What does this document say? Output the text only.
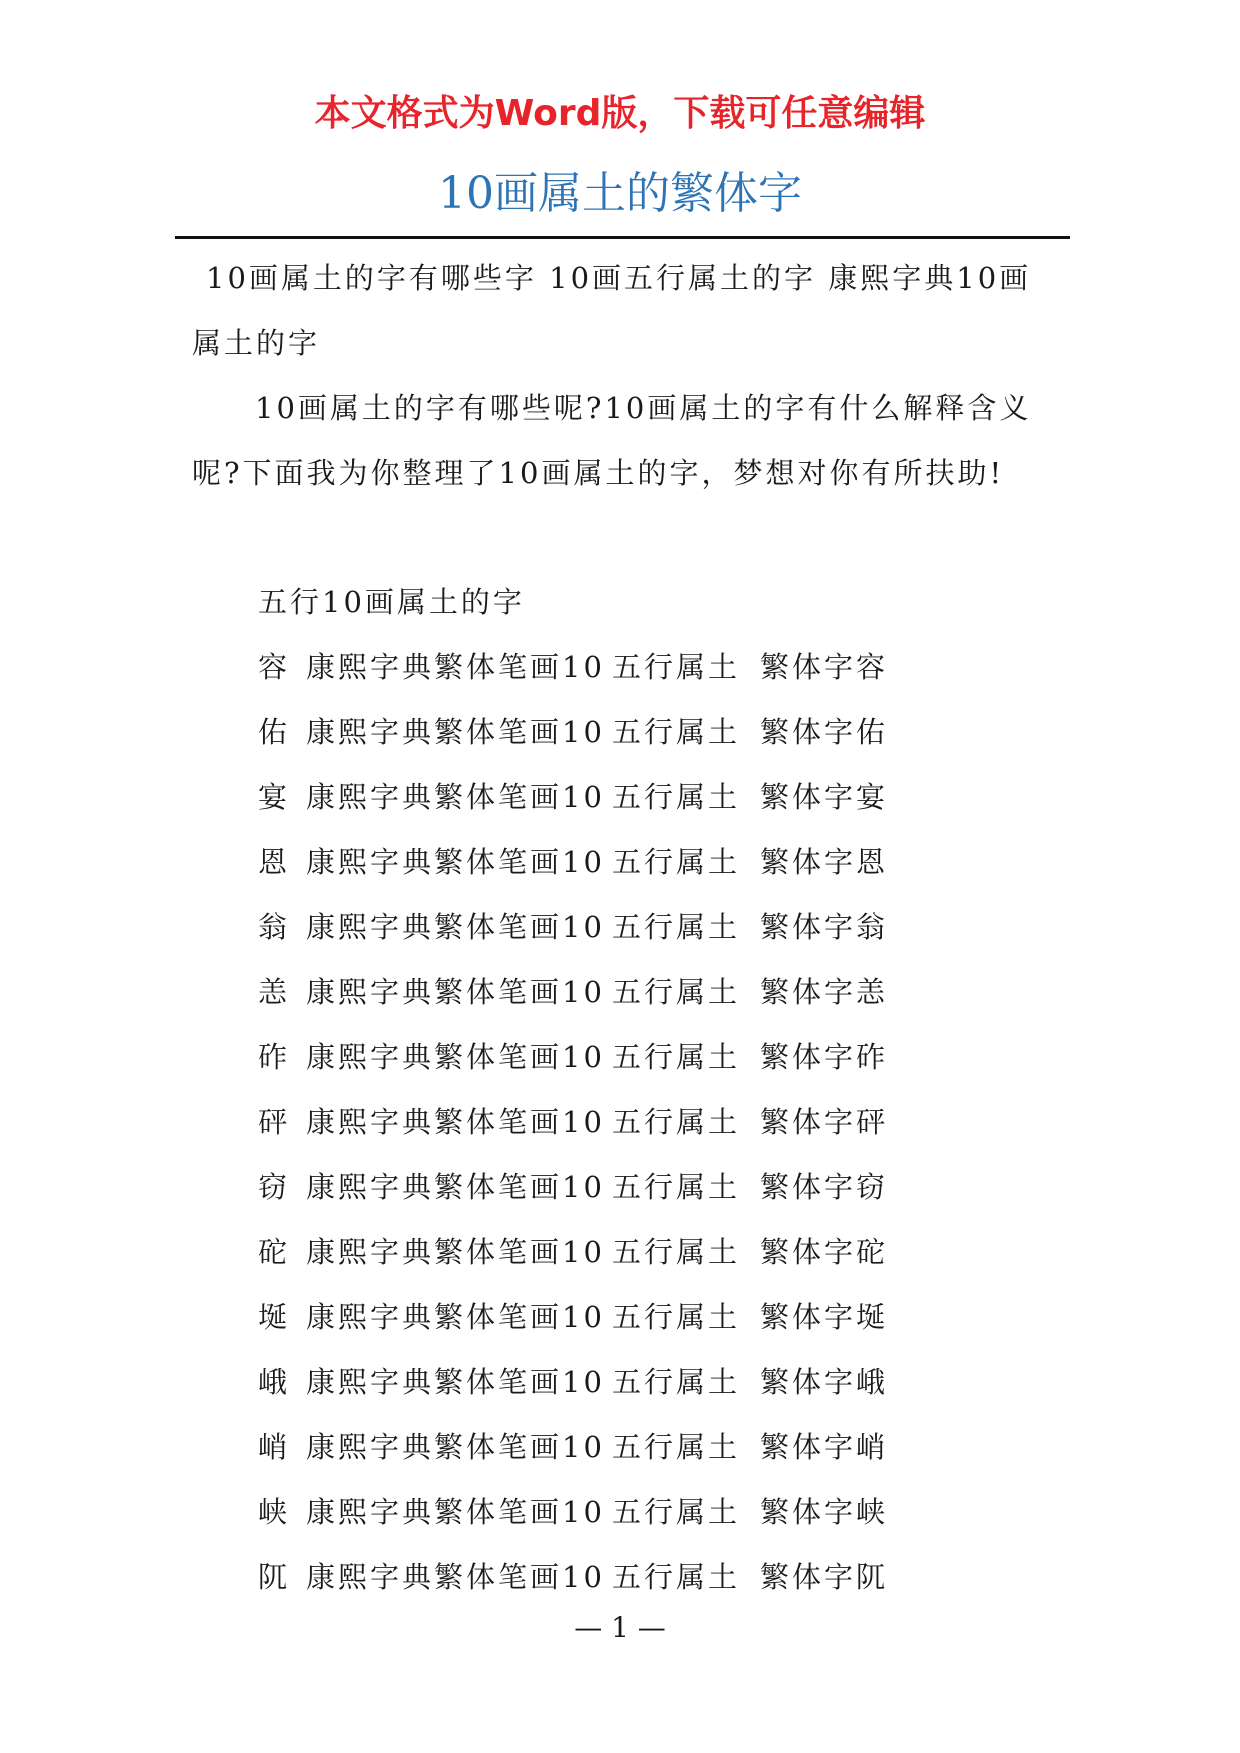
本文格式为Word版，下载可任意编辑
10画属土的繁体字

10画属土的字有哪些字 10画五行属土的字 康熙字典10画属土的字

10画属土的字有哪些呢?10画属土的字有什么解释含义呢?下面我为你整理了10画属土的字，梦想对你有所扶助!

五行10画属土的字
容 康熙字典繁体笔画10 五行属土 繁体字容
佑 康熙字典繁体笔画10 五行属土 繁体字佑
宴 康熙字典繁体笔画10 五行属土 繁体字宴
恩 康熙字典繁体笔画10 五行属土 繁体字恩
翁 康熙字典繁体笔画10 五行属土 繁体字翁
恙 康熙字典繁体笔画10 五行属土 繁体字恙
砟 康熙字典繁体笔画10 五行属土 繁体字砟
砰 康熙字典繁体笔画10 五行属土 繁体字砰
窃 康熙字典繁体笔画10 五行属土 繁体字窃
砣 康熙字典繁体笔画10 五行属土 繁体字砣
埏 康熙字典繁体笔画10 五行属土 繁体字埏
峨 康熙字典繁体笔画10 五行属土 繁体字峨
峭 康熙字典繁体笔画10 五行属土 繁体字峭
峡 康熙字典繁体笔画10 五行属土 繁体字峡
阢 康熙字典繁体笔画10 五行属土 繁体字阢
— 1 —
